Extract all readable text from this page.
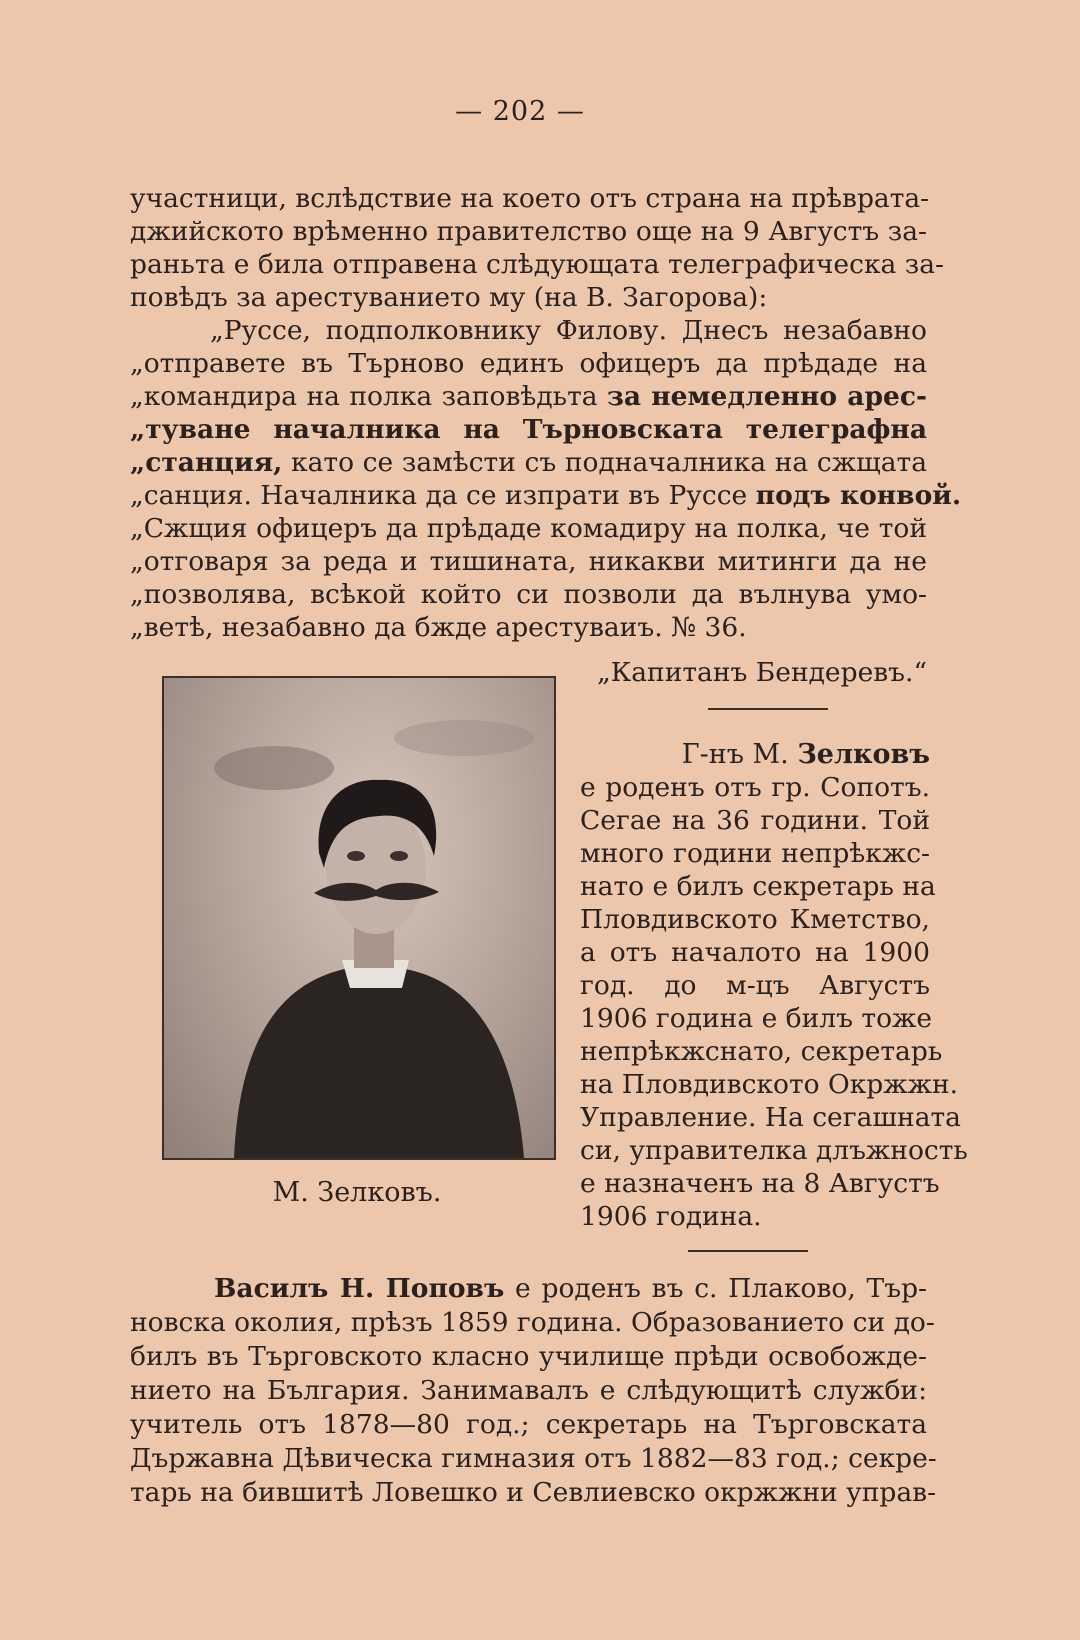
— 202 —
участници, вслѣдствие на което отъ страна на прѣврата-
джийското врѣменно правителство още на 9 Августъ за-
раньта е била отправена слѣдующата телеграфическа за-
повѣдъ за арестуванието му (на В. Загорова):
„Руссе, подполковнику Филову. Днесъ незабавно
„отправете въ Търново единъ офицеръ да прѣдаде на
„командира на полка заповѣдьта за немедленно арес-
„туване началника на Търновската телеграфна
„станция, като се замѣсти съ подначалника на сжщата
„санция. Началника да се изпрати въ Руссе подъ конвой.
„Сжщия офицеръ да прѣдаде комадиру на полка, че той
„отговаря за реда и тишината, никакви митинги да не
„позволява, всѣкой който си позволи да вълнува умо-
„ветѣ, незабавно да бжде арестуваиъ. № 36.
„Капитанъ Бендеревъ.“
М. Зелковъ.
Г-нъ М. Зелковъ
е роденъ отъ гр. Сопотъ.
Сегае на 36 години. Той
много години непрѣкжс-
нато е билъ секретарь на
Пловдивското Кметство,
а отъ началото на 1900
год. до м-цъ Августъ
1906 година е билъ тоже
непрѣкжснато, секретарь
на Пловдивското Окржжн.
Управление. На сегашната
си, управителка длъжность
е назначенъ на 8 Августъ
1906 година.
Василъ Н. Поповъ е роденъ въ с. Плаково, Тър-
новска околия, прѣзъ 1859 година. Образованието си до-
билъ въ Търговското класно училище прѣди освобожде-
нието на България. Занимавалъ е слѣдующитѣ служби:
учитель отъ 1878—80 год.; секретарь на Търговската
Държавна Дѣвическа гимназия отъ 1882—83 год.; секре-
тарь на бившитѣ Ловешко и Севлиевско окржжни управ-
